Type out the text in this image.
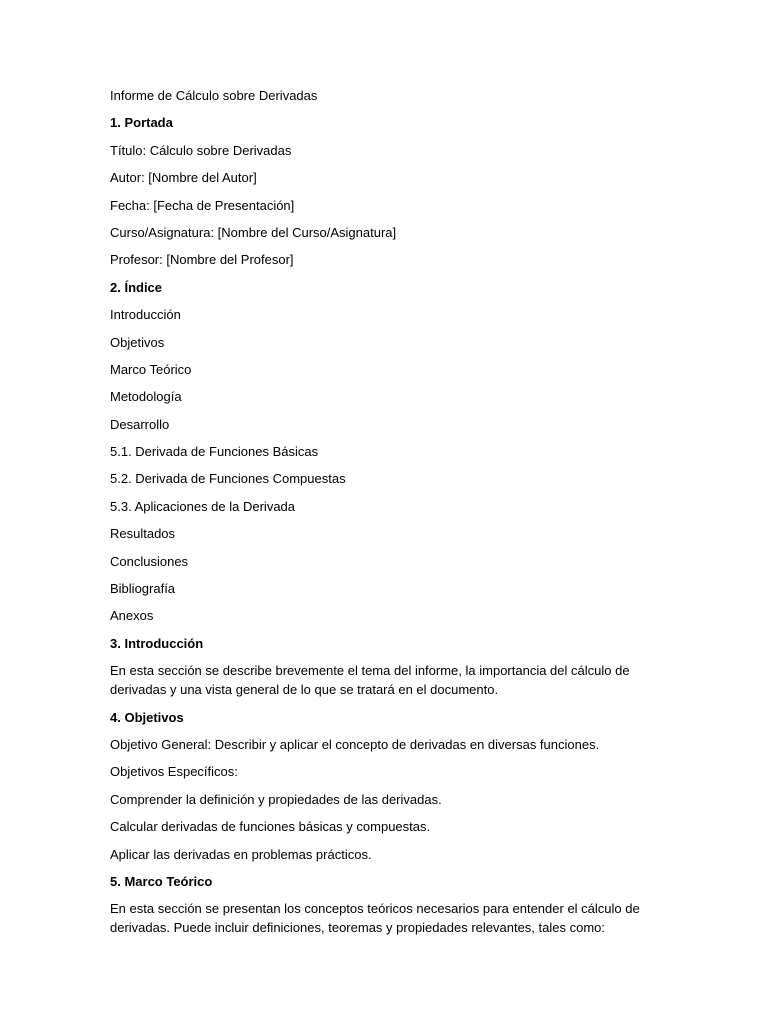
Informe de Cálculo sobre Derivadas

1. Portada

Título: Cálculo sobre Derivadas

Autor: [Nombre del Autor]

Fecha: [Fecha de Presentación]

Curso/Asignatura: [Nombre del Curso/Asignatura]

Profesor: [Nombre del Profesor]

2. Índice

Introducción

Objetivos

Marco Teórico

Metodología

Desarrollo

5.1. Derivada de Funciones Básicas

5.2. Derivada de Funciones Compuestas

5.3. Aplicaciones de la Derivada

Resultados

Conclusiones

Bibliografía

Anexos

3. Introducción

En esta sección se describe brevemente el tema del informe, la importancia del cálculo de derivadas y una vista general de lo que se tratará en el documento.

4. Objetivos

Objetivo General: Describir y aplicar el concepto de derivadas en diversas funciones.

Objetivos Específicos:

Comprender la definición y propiedades de las derivadas.

Calcular derivadas de funciones básicas y compuestas.

Aplicar las derivadas en problemas prácticos.

5. Marco Teórico

En esta sección se presentan los conceptos teóricos necesarios para entender el cálculo de derivadas. Puede incluir definiciones, teoremas y propiedades relevantes, tales como:
